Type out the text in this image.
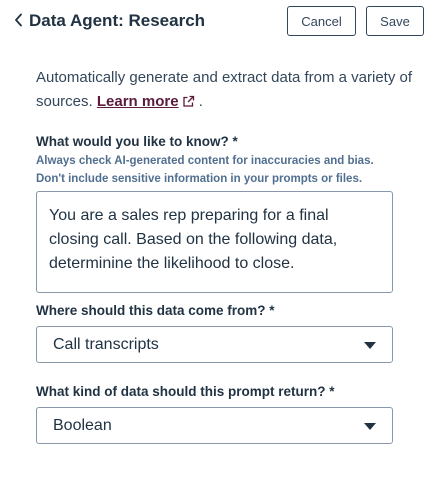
Data Agent: Research	Cancel	Save
Automatically generate and extract data from a variety of sources. Learn more .
What would you like to know? *
Always check AI-generated content for inaccuracies and bias.
Don't include sensitive information in your prompts or files.
You are a sales rep preparing for a final closing call. Based on the following data, determinine the likelihood to close.
Where should this data come from? *
Call transcripts
What kind of data should this prompt return? *
Boolean
